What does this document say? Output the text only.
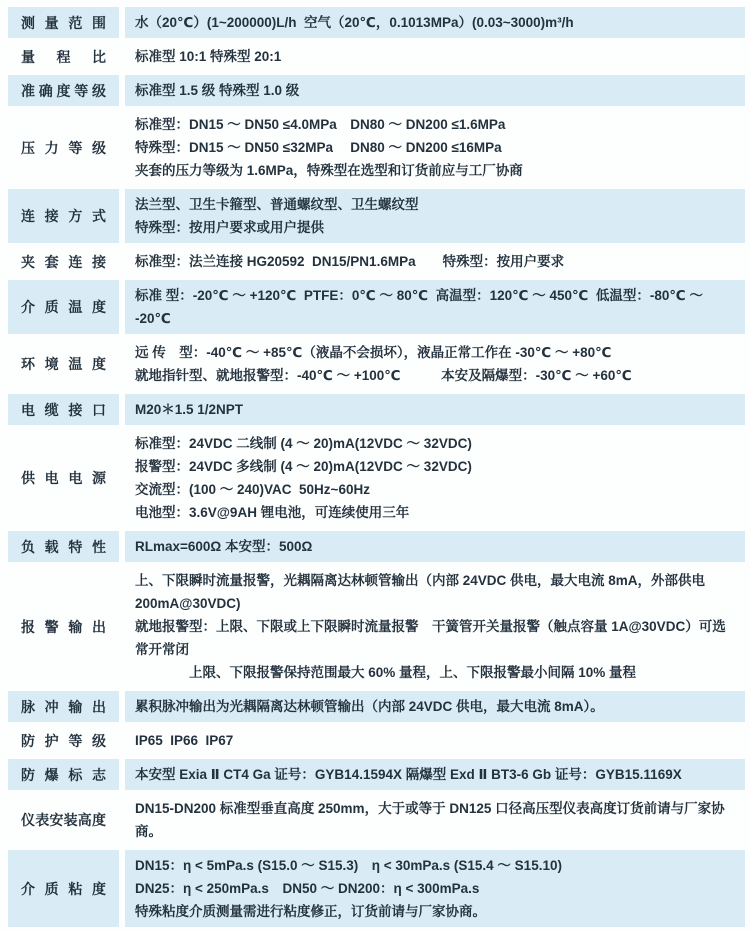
测量范围 水（20℃）(1~200000)L/h  空气（20℃，0.1013MPa）(0.03~3000)m³/h
量程比 标准型 10:1 特殊型 20:1
准确度等级 标准型 1.5 级 特殊型 1.0 级
压力等级
标准型：DN15 ～ DN50 ≤4.0MPa　DN80 ～ DN200 ≤1.6MPa
特殊型：DN15 ～ DN50 ≤32MPa　 DN80 ～ DN200 ≤16MPa
夹套的压力等级为 1.6MPa，特殊型在选型和订货前应与工厂协商
连接方式
法兰型、卫生卡箍型、普通螺纹型、卫生螺纹型
特殊型：按用户要求或用户提供
夹套连接 标准型：法兰连接 HG20592  DN15/PN1.6MPa　　特殊型：按用户要求
介质温度
标准 型：-20℃ ～ +120℃  PTFE：0℃ ～ 80℃  高温型：120℃ ～ 450℃  低温型：-80℃ ～ -20℃
环境温度
远 传　型：-40℃ ～ +85℃（液晶不会损坏），液晶正常工作在 -30℃ ～ +80℃
就地指针型、就地报警型：-40℃ ～ +100℃　　　本安及隔爆型：-30℃ ～ +60℃
电缆接口 M20＊1.5 1/2NPT
供电电源
标准型：24VDC 二线制 (4 ～ 20)mA(12VDC ～ 32VDC)
报警型：24VDC 多线制 (4 ～ 20)mA(12VDC ～ 32VDC)
交流型：(100 ～ 240)VAC  50Hz~60Hz
电池型：3.6V@9AH 锂电池，可连续使用三年
负载特性 RLmax=600Ω 本安型：500Ω
报警输出
上、下限瞬时流量报警，光耦隔离达林顿管输出（内部 24VDC 供电，最大电流 8mA，外部供电 200mA@30VDC)
就地报警型：上限、下限或上下限瞬时流量报警　干簧管开关量报警（触点容量 1A@30VDC）可选常开常闭
　　　　上限、下限报警保持范围最大 60% 量程，上、下限报警最小间隔 10% 量程
脉冲输出 累积脉冲输出为光耦隔离达林顿管输出（内部 24VDC 供电，最大电流 8mA）。
防护等级 IP65  IP66  IP67
防爆标志 本安型 Exia Ⅱ CT4 Ga 证号：GYB14.1594X 隔爆型 Exd Ⅱ BT3-6 Gb 证号：GYB15.1169X
仪表安装高度
DN15-DN200 标准型垂直高度 250mm，大于或等于 DN125 口径高压型仪表高度订货前请与厂家协商。
介质粘度
DN15：η < 5mPa.s (S15.0 ～ S15.3)　η < 30mPa.s (S15.4 ～ S15.10)
DN25：η < 250mPa.s　DN50 ～ DN200：η < 300mPa.s
特殊粘度介质测量需进行粘度修正，订货前请与厂家协商。
